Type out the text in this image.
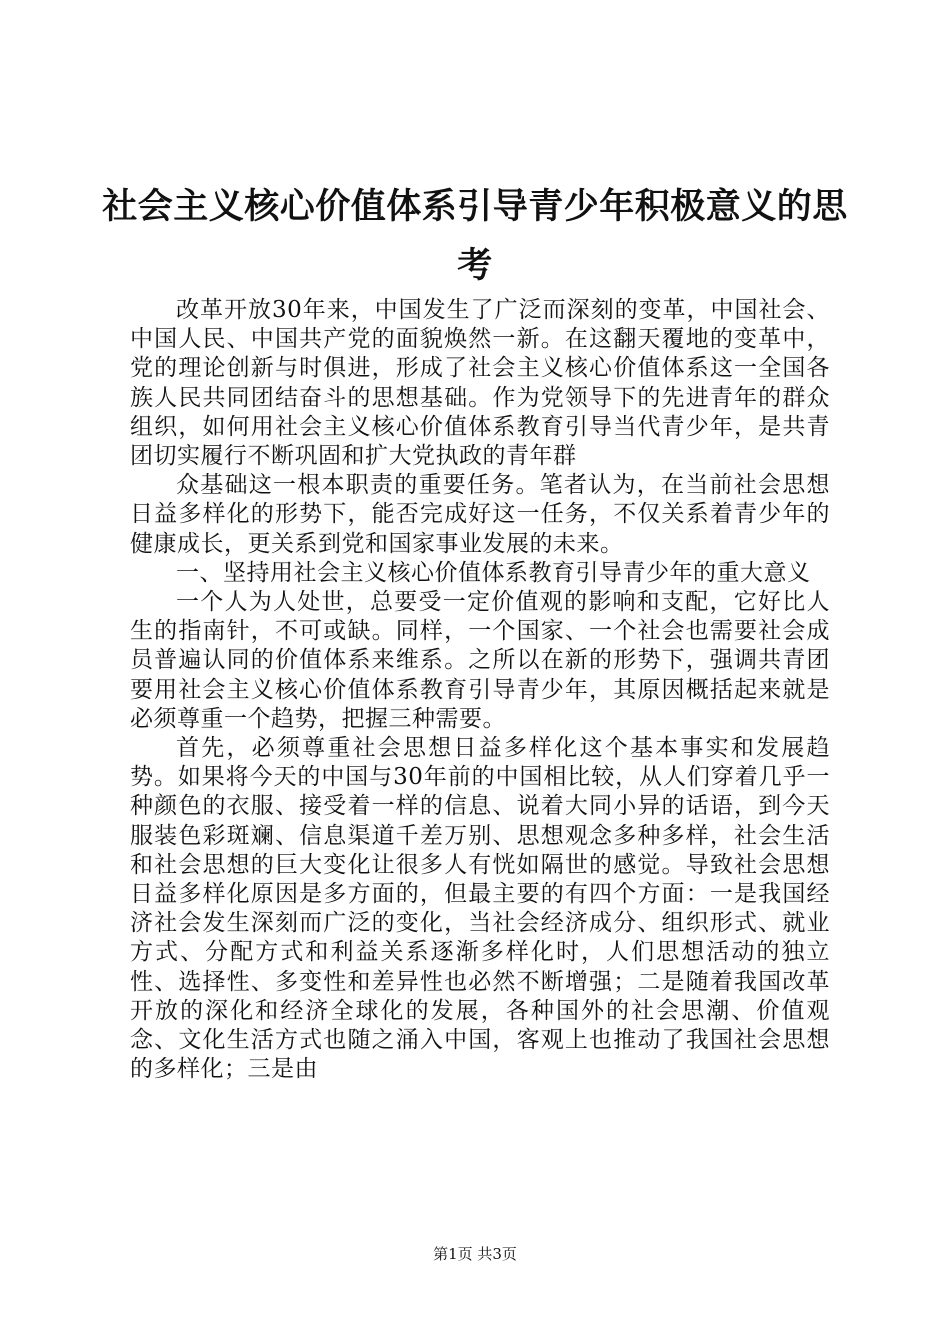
社会主义核心价值体系引导青少年积极意义的思考

改革开放30年来，中国发生了广泛而深刻的变革，中国社会、中国人民、中国共产党的面貌焕然一新。在这翻天覆地的变革中，党的理论创新与时俱进，形成了社会主义核心价值体系这一全国各族人民共同团结奋斗的思想基础。作为党领导下的先进青年的群众组织，如何用社会主义核心价值体系教育引导当代青少年，是共青团切实履行不断巩固和扩大党执政的青年群

众基础这一根本职责的重要任务。笔者认为，在当前社会思想日益多样化的形势下，能否完成好这一任务，不仅关系着青少年的健康成长，更关系到党和国家事业发展的未来。

一、坚持用社会主义核心价值体系教育引导青少年的重大意义

一个人为人处世，总要受一定价值观的影响和支配，它好比人生的指南针，不可或缺。同样，一个国家、一个社会也需要社会成员普遍认同的价值体系来维系。之所以在新的形势下，强调共青团要用社会主义核心价值体系教育引导青少年，其原因概括起来就是必须尊重一个趋势，把握三种需要。

首先，必须尊重社会思想日益多样化这个基本事实和发展趋势。如果将今天的中国与30年前的中国相比较，从人们穿着几乎一种颜色的衣服、接受着一样的信息、说着大同小异的话语，到今天服装色彩斑斓、信息渠道千差万别、思想观念多种多样，社会生活和社会思想的巨大变化让很多人有恍如隔世的感觉。导致社会思想日益多样化原因是多方面的，但最主要的有四个方面：一是我国经济社会发生深刻而广泛的变化，当社会经济成分、组织形式、就业方式、分配方式和利益关系逐渐多样化时，人们思想活动的独立性、选择性、多变性和差异性也必然不断增强；二是随着我国改革开放的深化和经济全球化的发展，各种国外的社会思潮、价值观念、文化生活方式也随之涌入中国，客观上也推动了我国社会思想的多样化；三是由

第1页 共3页
